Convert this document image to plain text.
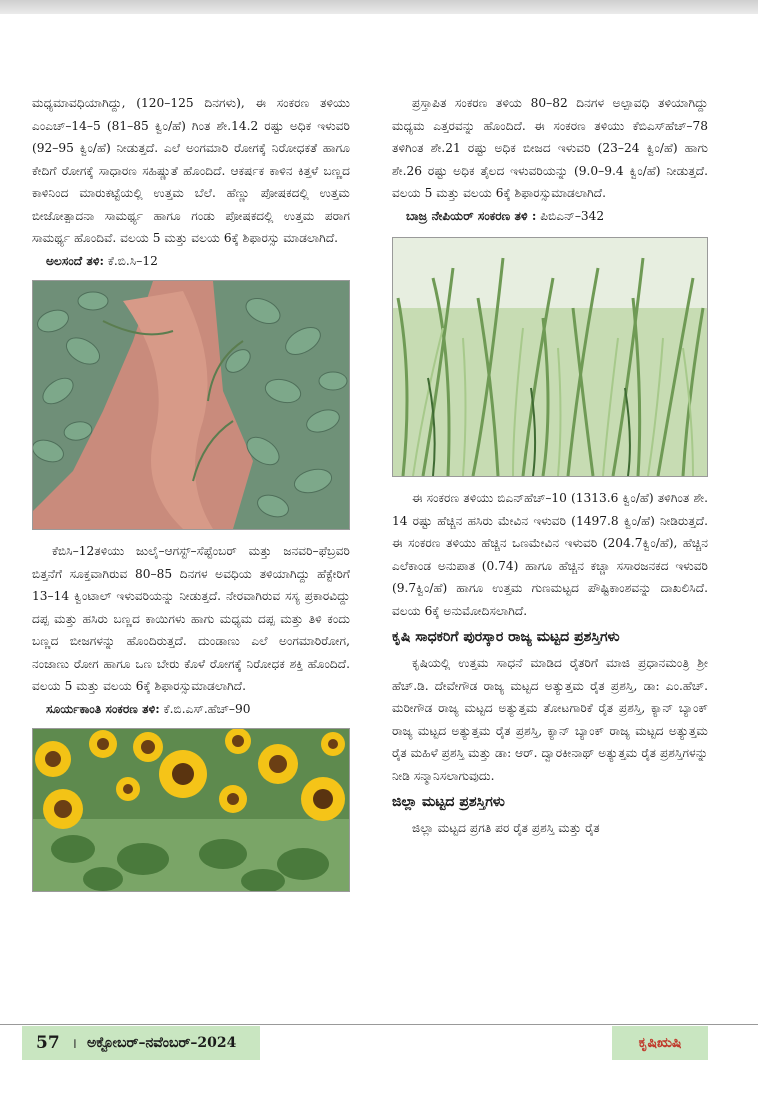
ಮಧ್ಯಮಾವಧಿಯಾಗಿದ್ದು, (120–125 ದಿನಗಳು), ಈ ಸಂಕರಣ ತಳಿಯು ಎಂಎಚ್‌–14–5 (81–85 ಕ್ವಿಂ/ಹೆ) ಗಿಂತ ಶೇ.14.2 ರಷ್ಟು ಅಧಿಕ ಇಳುವರಿ (92–95 ಕ್ವಿಂ/ಹೆ) ನೀಡುತ್ತದೆ. ಎಲೆ ಅಂಗಮಾರಿ ರೋಗಕ್ಕೆ ನಿರೋಧಕತೆ ಹಾಗೂ ಕೇದಿಗೆ ರೋಗಕ್ಕೆ ಸಾಧಾರಣ ಸಹಿಷ್ಣುತೆ ಹೊಂದಿದೆ. ಆಕರ್ಷಕ ಕಾಳಿನ ಕಿತ್ತಳೆ ಬಣ್ಣದ ಕಾಳಿನಿಂದ ಮಾರುಕಟ್ಟೆಯಲ್ಲಿ ಉತ್ತಮ ಬೆಲೆ. ಹೆಣ್ಣು ಪೋಷಕದಲ್ಲಿ ಉತ್ತಮ ಬೀಜೋತ್ಪಾದನಾ ಸಾಮರ್ಥ್ಯ ಹಾಗೂ ಗಂಡು ಪೋಷಕದಲ್ಲಿ ಉತ್ತಮ ಪರಾಗ ಸಾಮರ್ಥ್ಯ ಹೊಂದಿವೆ. ವಲಯ 5 ಮತ್ತು ವಲಯ 6ಕ್ಕೆ ಶಿಫಾರಸ್ಸು ಮಾಡಲಾಗಿದೆ.

ಅಲಸಂದೆ ತಳಿ: ಕೆ.ಬಿ.ಸಿ–12

ಕೆಬಿಸಿ–12ತಳಿಯು ಜುಲೈ–ಆಗಸ್ಟ್–ಸೆಪ್ಟೆಂಬರ್ ಮತ್ತು ಜನವರಿ–ಫೆಬ್ರವರಿ ಬಿತ್ತನೆಗೆ ಸೂಕ್ತವಾಗಿರುವ 80–85 ದಿನಗಳ ಅವಧಿಯ ತಳಿಯಾಗಿದ್ದು ಹೆಕ್ಟೇರಿಗೆ 13–14 ಕ್ವಿಂಟಾಲ್ ಇಳುವರಿಯನ್ನು ನೀಡುತ್ತದೆ. ನೇರವಾಗಿರುವ ಸಸ್ಯ ಪ್ರಕಾರವಿದ್ದು ದಪ್ಪ ಮತ್ತು ಹಸಿರು ಬಣ್ಣದ ಕಾಯಿಗಳು ಹಾಗು ಮಧ್ಯಮ ದಪ್ಪ ಮತ್ತು ತಿಳಿ ಕಂದು ಬಣ್ಣದ ಬೀಜಗಳನ್ನು ಹೊಂದಿರುತ್ತದೆ. ದುಂಡಾಣು ಎಲೆ ಅಂಗಮಾರಿರೋಗ, ನಂಜಾಣು ರೋಗ ಹಾಗೂ ಒಣ ಬೇರು ಕೊಳೆ ರೋಗಕ್ಕೆ ನಿರೋಧಕ ಶಕ್ತಿ ಹೊಂದಿದೆ. ವಲಯ 5 ಮತ್ತು ವಲಯ 6ಕ್ಕೆ ಶಿಫಾರಸ್ಸುಮಾಡಲಾಗಿದೆ.

ಸೂರ್ಯಕಾಂತಿ ಸಂಕರಣ ತಳಿ: ಕೆ.ಬಿ.ಎಸ್.ಹೆಚ್–90

ಪ್ರಸ್ತಾಪಿತ ಸಂಕರಣ ತಳಿಯ 80–82 ದಿನಗಳ ಅಲ್ಪಾವಧಿ ತಳಿಯಾಗಿದ್ದು ಮಧ್ಯಮ ಎತ್ತರವನ್ನು ಹೊಂದಿದೆ. ಈ ಸಂಕರಣ ತಳಿಯು ಕೆಬಿಎಸ್‌ಹೆಚ್–78 ತಳಿಗಿಂತ ಶೇ.21 ರಷ್ಟು ಅಧಿಕ ಬೀಜದ ಇಳುವರಿ (23–24 ಕ್ವಿಂ/ಹೆ) ಹಾಗು ಶೇ.26 ರಷ್ಟು ಅಧಿಕ ತೈಲದ ಇಳುವರಿಯನ್ನು (9.0–9.4 ಕ್ವಿಂ/ಹೆ) ನೀಡುತ್ತದೆ. ವಲಯ 5 ಮತ್ತು ವಲಯ 6ಕ್ಕೆ ಶಿಫಾರಸ್ಸುಮಾಡಲಾಗಿದೆ.

ಬಾಜ್ರ ನೇಪಿಯರ್ ಸಂಕರಣ ತಳಿ : ಪಿಬಿಎನ್–342

ಈ ಸಂಕರಣ ತಳಿಯು ಬಿಎನ್‌ಹೆಚ್–10 (1313.6 ಕ್ವಿಂ/ಹೆ) ತಳಿಗಿಂತ ಶೇ. 14 ರಷ್ಟು ಹೆಚ್ಚಿನ ಹಸಿರು ಮೇವಿನ ಇಳುವರಿ (1497.8 ಕ್ವಿಂ/ಹೆ) ನೀಡಿರುತ್ತದೆ. ಈ ಸಂಕರಣ ತಳಿಯು ಹೆಚ್ಚಿನ ಒಣಮೇವಿನ ಇಳುವರಿ (204.7ಕ್ವಿಂ/ಹೆ), ಹೆಚ್ಚಿನ ಎಲೆಕಾಂಡ ಅನುಪಾತ (0.74) ಹಾಗೂ ಹೆಚ್ಚಿನ ಕಚ್ಚಾ ಸಸಾರಜನಕದ ಇಳುವರಿ (9.7ಕ್ವಿಂ/ಹೆ) ಹಾಗೂ ಉತ್ತಮ ಗುಣಮಟ್ಟದ ಪೌಷ್ಟಿಕಾಂಶವನ್ನು ದಾಖಲಿಸಿದೆ. ವಲಯ 6ಕ್ಕೆ ಅನುಮೋದಿಸಲಾಗಿದೆ.

ಕೃಷಿ ಸಾಧಕರಿಗೆ ಪುರಸ್ಕಾರ ರಾಜ್ಯ ಮಟ್ಟದ ಪ್ರಶಸ್ತಿಗಳು

ಕೃಷಿಯಲ್ಲಿ ಉತ್ತಮ ಸಾಧನೆ ಮಾಡಿದ ರೈತರಿಗೆ ಮಾಜಿ ಪ್ರಧಾನಮಂತ್ರಿ ಶ್ರೀ ಹೆಚ್.ಡಿ. ದೇವೇಗೌಡ ರಾಜ್ಯ ಮಟ್ಟದ ಅತ್ಯುತ್ತಮ ರೈತ ಪ್ರಶಸ್ತಿ, ಡಾ: ಎಂ.ಹೆಚ್. ಮರೀಗೌಡ ರಾಜ್ಯ ಮಟ್ಟದ ಅತ್ಯುತ್ತಮ ತೋಟಗಾರಿಕೆ ರೈತ ಪ್ರಶಸ್ತಿ, ಕ್ಯಾನ್ ಬ್ಯಾಂಕ್ ರಾಜ್ಯ ಮಟ್ಟದ ಅತ್ಯುತ್ತಮ ರೈತ ಪ್ರಶಸ್ತಿ, ಕ್ಯಾನ್ ಬ್ಯಾಂಕ್ ರಾಜ್ಯ ಮಟ್ಟದ ಅತ್ಯುತ್ತಮ ರೈತ ಮಹಿಳೆ ಪ್ರಶಸ್ತಿ ಮತ್ತು ಡಾ: ಆರ್. ದ್ವಾರಕೀನಾಥ್ ಅತ್ಯುತ್ತಮ ರೈತ ಪ್ರಶಸ್ತಿಗಳನ್ನು ನೀಡಿ ಸನ್ಮಾನಿಸಲಾಗುವುದು.

ಜಿಲ್ಲಾ ಮಟ್ಟದ ಪ್ರಶಸ್ತಿಗಳು

ಜಿಲ್ಲಾ ಮಟ್ಟದ ಪ್ರಗತಿ ಪರ ರೈತ ಪ್ರಶಸ್ತಿ ಮತ್ತು ರೈತ

57 । ಅಕ್ಟೋಬರ್–ನವೆಂಬರ್–2024	ಕೃಷಿಋಷಿ
